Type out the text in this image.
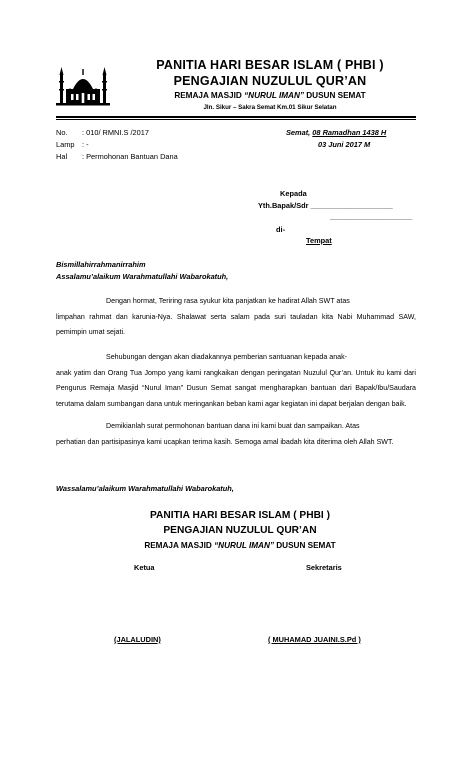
PANITIA HARI BESAR ISLAM ( PHBI )
PENGAJIAN NUZULUL QUR’AN
REMAJA MASJID “NURUL IMAN” DUSUN SEMAT
Jln. Sikur – Sakra Semat Km.01 Sikur Selatan
No. : 010/ RMNI.S /2017
Lamp : -
Hal : Permohonan Bantuan Dana
Semat, 08 Ramadhan 1438 H
03 Juni 2017 M
Kepada
Yth.Bapak/Sdr ____________________
____________________
di-
Tempat
Bismillahirrahmanirrahim
Assalamu’alaikum Warahmatullahi Wabarokatuh,
Dengan hormat, Teriring rasa syukur kita panjatkan ke hadirat Allah SWT atas
limpahan rahmat dan karunia-Nya. Shalawat serta salam pada suri tauladan kita Nabi Muhammad SAW, pemimpin umat sejati.
Sehubungan dengan akan diadakannya pemberian santuanan kepada anak-
anak yatim dan Orang Tua Jompo yang kami rangkaikan dengan peringatan Nuzulul Qur’an. Untuk itu kami dari Pengurus Remaja Masjid “Nurul Iman” Dusun Semat sangat mengharapkan bantuan dari Bapak/Ibu/Saudara terutama dalam sumbangan dana untuk meringankan beban kami agar kegiatan ini dapat berjalan dengan baik.
Demikianlah surat permohonan bantuan dana ini kami buat dan sampaikan. Atas
perhatian dan partisipasinya kami ucapkan terima kasih. Semoga amal ibadah kita diterima oleh Allah SWT.
Wassalamu’alaikum Warahmatullahi Wabarokatuh,
PANITIA HARI BESAR ISLAM ( PHBI )
PENGAJIAN NUZULUL QUR’AN
REMAJA MASJID “NURUL IMAN” DUSUN SEMAT
Ketua	Sekretaris
(JALALUDIN)	( MUHAMAD JUAINI.S.Pd )
